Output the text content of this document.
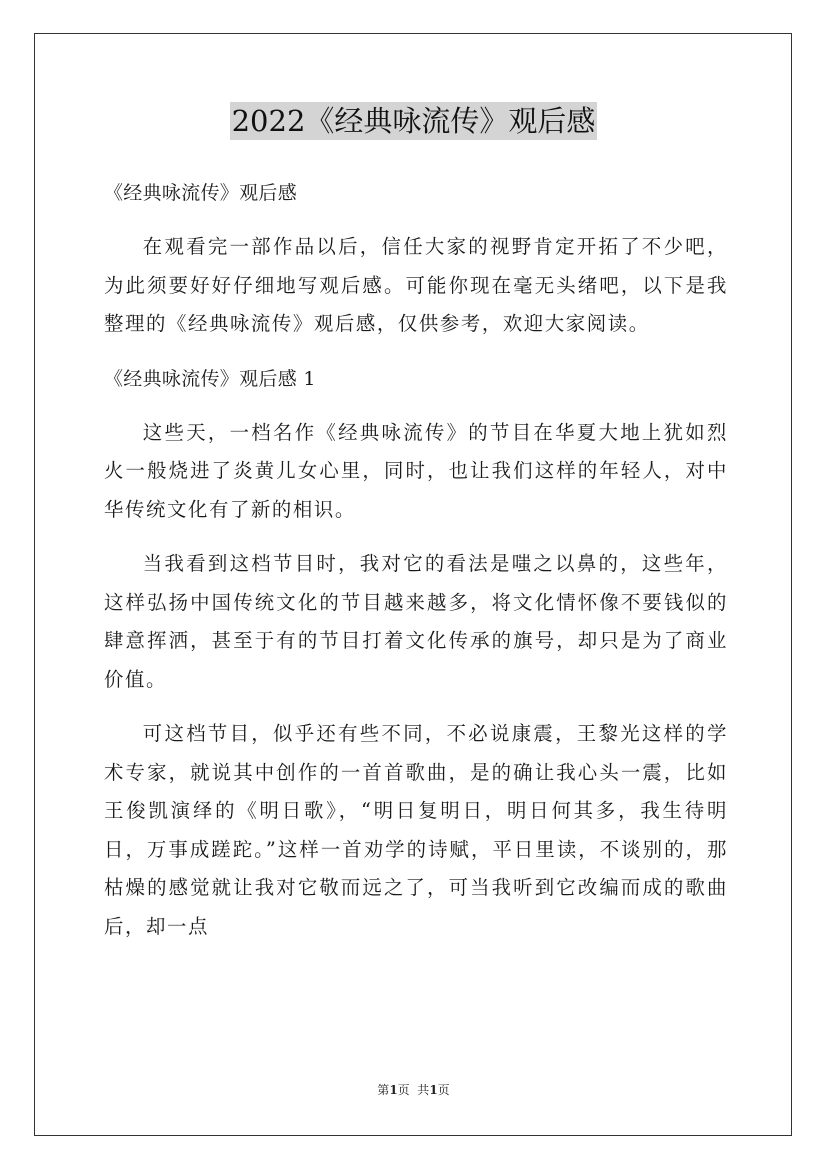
2022《经典咏流传》观后感

《经典咏流传》观后感

在观看完一部作品以后，信任大家的视野肯定开拓了不少吧，为此须要好好仔细地写观后感。可能你现在毫无头绪吧，以下是我整理的《经典咏流传》观后感，仅供参考，欢迎大家阅读。

《经典咏流传》观后感 1

这些天，一档名作《经典咏流传》的节目在华夏大地上犹如烈火一般烧进了炎黄儿女心里，同时，也让我们这样的年轻人，对中华传统文化有了新的相识。

当我看到这档节目时，我对它的看法是嗤之以鼻的，这些年，这样弘扬中国传统文化的节目越来越多，将文化情怀像不要钱似的肆意挥洒，甚至于有的节目打着文化传承的旗号，却只是为了商业价值。

可这档节目，似乎还有些不同，不必说康震，王黎光这样的学术专家，就说其中创作的一首首歌曲，是的确让我心头一震，比如王俊凯演绎的《明日歌》，“明日复明日，明日何其多，我生待明日，万事成蹉跎。”这样一首劝学的诗赋，平日里读，不谈别的，那枯燥的感觉就让我对它敬而远之了，可当我听到它改编而成的歌曲后，却一点

第1页  共1页
